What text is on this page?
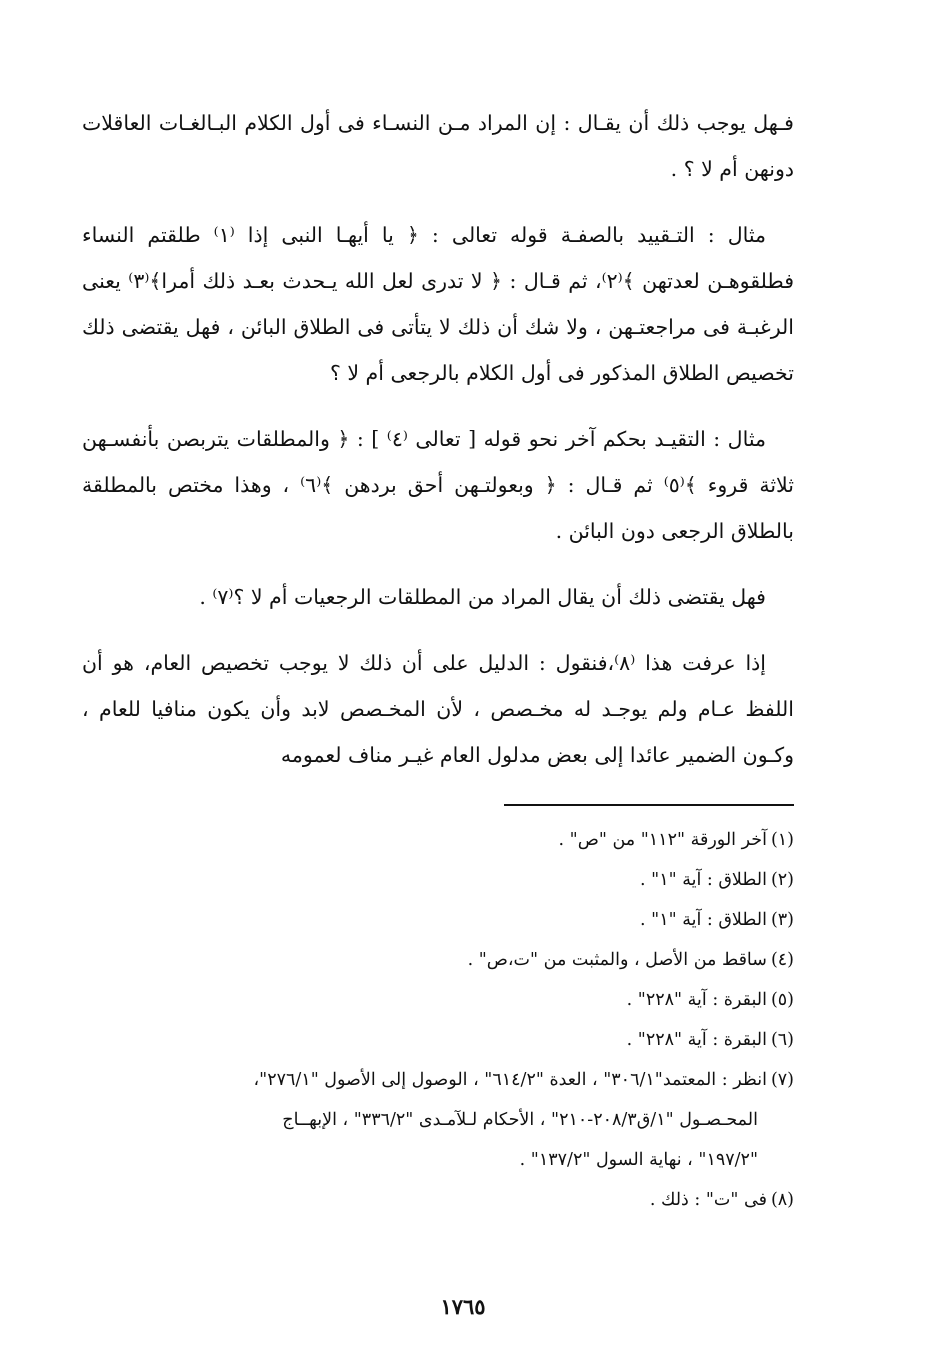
فـهل يوجب ذلك أن يقـال : إن المراد مـن النسـاء فى أول الكلام البـالغـات العاقلات دونهن أم لا ؟ .

مثال : التـقييد بالصفـة قوله تعالى : ﴿ يا أيهـا النبى إذا ⁽١⁾ طلقتم النساء فطلقوهـن لعدتهن ﴾⁽٢⁾، ثم قـال : ﴿ لا تدرى لعل الله يـحدث بعـد ذلك أمرا﴾⁽٣⁾ يعنى الرغبـة فى مراجعتـهن ، ولا شك أن ذلك لا يتأتى فى الطلاق البائن ، فهل يقتضى ذلك تخصيص الطلاق المذكور فى أول الكلام بالرجعى أم لا ؟

مثال : التقيـد بحكم آخر نحو قوله [ تعالى ⁽٤⁾ ] : ﴿ والمطلقات يتربصن بأنفسـهن ثلاثة قروء ﴾⁽٥⁾ ثم قـال : ﴿ وبعولتـهن أحق بردهن ﴾⁽٦⁾ ، وهذا مختص بالمطلقة بالطلاق الرجعى دون البائن .

فهل يقتضى ذلك أن يقال المراد من المطلقات الرجعيات أم لا ؟⁽٧⁾ .

إذا عرفت هذا ⁽٨⁾،فنقول : الدليل على أن ذلك لا يوجب تخصيص العام، هو أن اللفظ عـام ولم يوجـد له مخـصص ، لأن المخـصص لابد وأن يكون منافيا للعام ، وكـون الضمير عائدا إلى بعض مدلول العام غيـر مناف لعمومه

(١)آخر الورقة "١١٢" من "ص" .

(٢)الطلاق : آية "١" .

(٣)الطلاق : آية "١" .

(٤)ساقط من الأصل ، والمثبت من "ت،ص" .

(٥)البقرة : آية "٢٢٨" .

(٦)البقرة : آية "٢٢٨" .

(٧)انظر : المعتمد"٣٠٦/١" ، العدة "٦١٤/٢" ، الوصول إلى الأصول "٢٧٦/١"،

المحـصـول "١/ق٢٠٨/٣-٢١٠" ، الأحكام لـلآمـدى "٣٣٦/٢" ، الإبهــاج

"١٩٧/٢" ، نهاية السول "١٣٧/٢" .

(٨)فى "ت" : ذلك .

١٧٦٥
